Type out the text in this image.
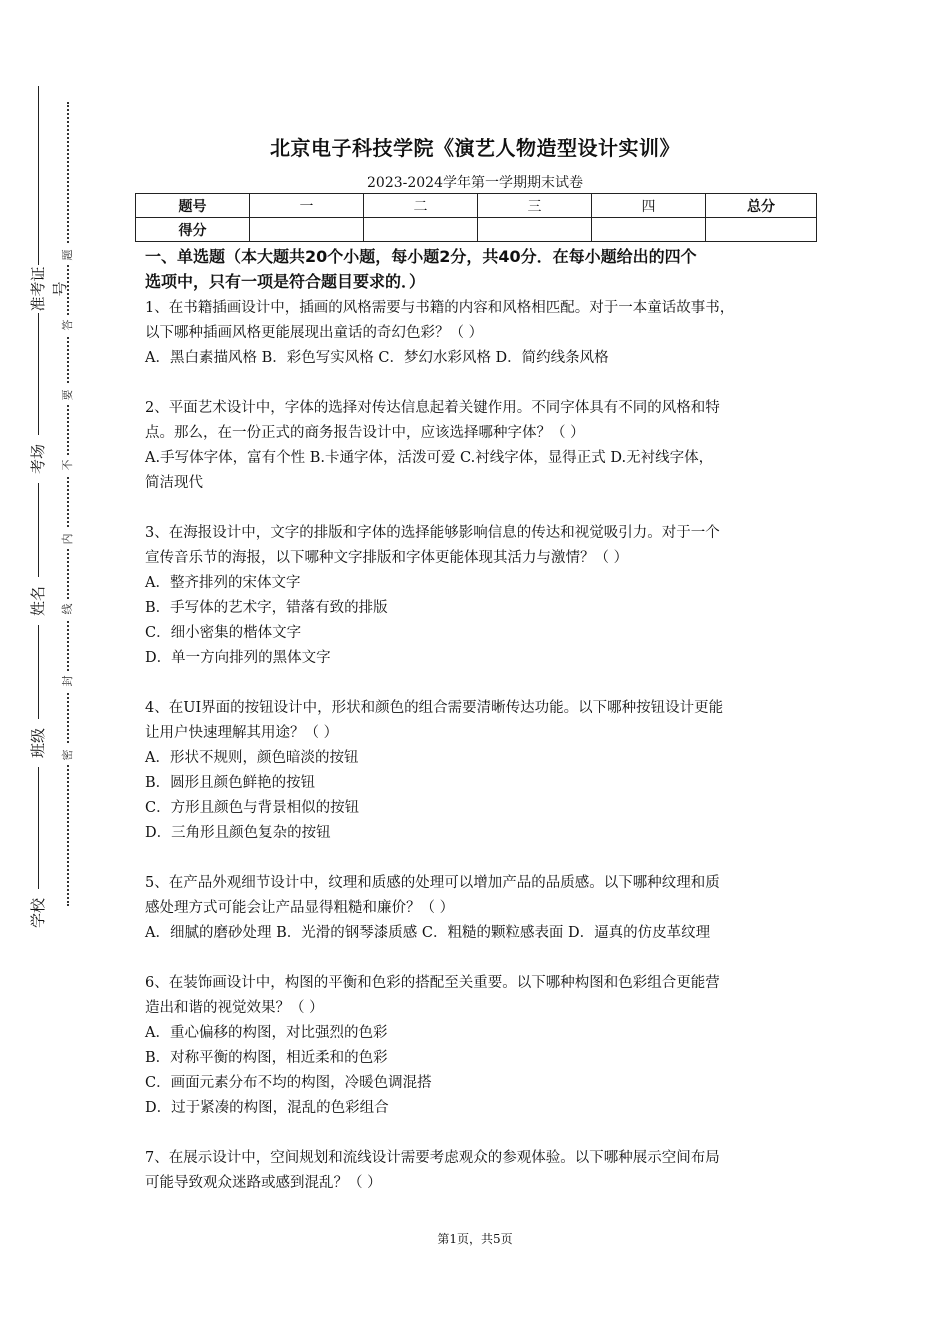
准考证号
考场
姓名
班级
学校
题
答
要
不
内
线
封
密
北京电子科技学院《演艺人物造型设计实训》
2023-2024学年第一学期期末试卷
题号	一	二	三	四	总分
得分					
一、单选题（本大题共20个小题，每小题2分，共40分．在每小题给出的四个
选项中，只有一项是符合题目要求的．）
1、在书籍插画设计中，插画的风格需要与书籍的内容和风格相匹配。对于一本童话故事书，
以下哪种插画风格更能展现出童话的奇幻色彩？（ ）
A．黑白素描风格 B．彩色写实风格 C．梦幻水彩风格 D．简约线条风格
2、平面艺术设计中，字体的选择对传达信息起着关键作用。不同字体具有不同的风格和特
点。那么，在一份正式的商务报告设计中，应该选择哪种字体？（ ）
A.手写体字体，富有个性 B.卡通字体，活泼可爱 C.衬线字体，显得正式 D.无衬线字体，
简洁现代
3、在海报设计中，文字的排版和字体的选择能够影响信息的传达和视觉吸引力。对于一个
宣传音乐节的海报，以下哪种文字排版和字体更能体现其活力与激情？（ ）
A．整齐排列的宋体文字
B．手写体的艺术字，错落有致的排版
C．细小密集的楷体文字
D．单一方向排列的黑体文字
4、在UI界面的按钮设计中，形状和颜色的组合需要清晰传达功能。以下哪种按钮设计更能
让用户快速理解其用途？（ ）
A．形状不规则，颜色暗淡的按钮
B．圆形且颜色鲜艳的按钮
C．方形且颜色与背景相似的按钮
D．三角形且颜色复杂的按钮
5、在产品外观细节设计中，纹理和质感的处理可以增加产品的品质感。以下哪种纹理和质
感处理方式可能会让产品显得粗糙和廉价？（ ）
A．细腻的磨砂处理 B．光滑的钢琴漆质感 C．粗糙的颗粒感表面 D．逼真的仿皮革纹理
6、在装饰画设计中，构图的平衡和色彩的搭配至关重要。以下哪种构图和色彩组合更能营
造出和谐的视觉效果？（ ）
A．重心偏移的构图，对比强烈的色彩
B．对称平衡的构图，相近柔和的色彩
C．画面元素分布不均的构图，冷暖色调混搭
D．过于紧凑的构图，混乱的色彩组合
7、在展示设计中，空间规划和流线设计需要考虑观众的参观体验。以下哪种展示空间布局
可能导致观众迷路或感到混乱？（ ）
第1页，共5页
